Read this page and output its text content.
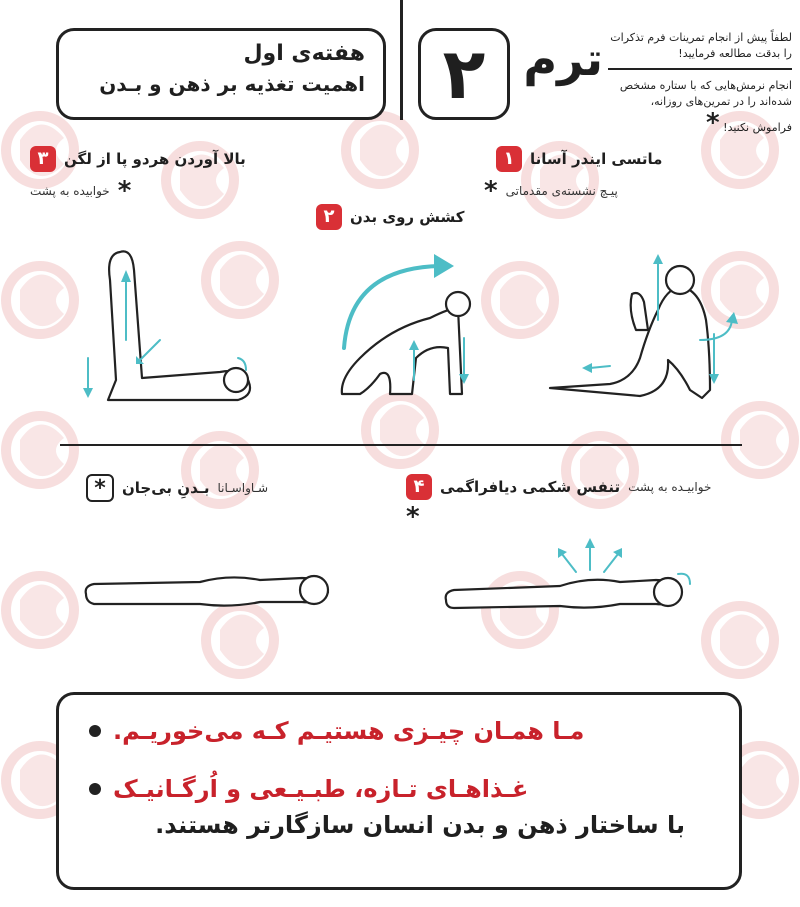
هفته‌ی اول

اهمیت تغذیه بر ذهن و بـدن ۲ ترم لطفاً پیش از انجام تمرینات فرم تذکرات را بدقت مطالعه فرمایید!

انجام نرمش‌هایی که با ستاره مشخص شده‌اند را در تمرین‌های روزانه، فراموش نکنید! *

۱	ماتسی ایندر آسانا
* پیـچ نشسته‌ی مقدماتی
۲	کشش روی بدن
۳	بالا آوردن هردو پا از لگن
خوابیده به پشت *
۴	تنفس شکمی دیافراگمی خوابیـده به پشت
*
*	بـدنِ بی‌جان شـاواسـانا

مـا همـان چیـزی هستیـم کـه می‌خوریـم.

غـذاهـای تـازه، طبـیـعی و اُرگـانیـک

با ساختار ذهن و بدن انسان سازگارتر هستند.
